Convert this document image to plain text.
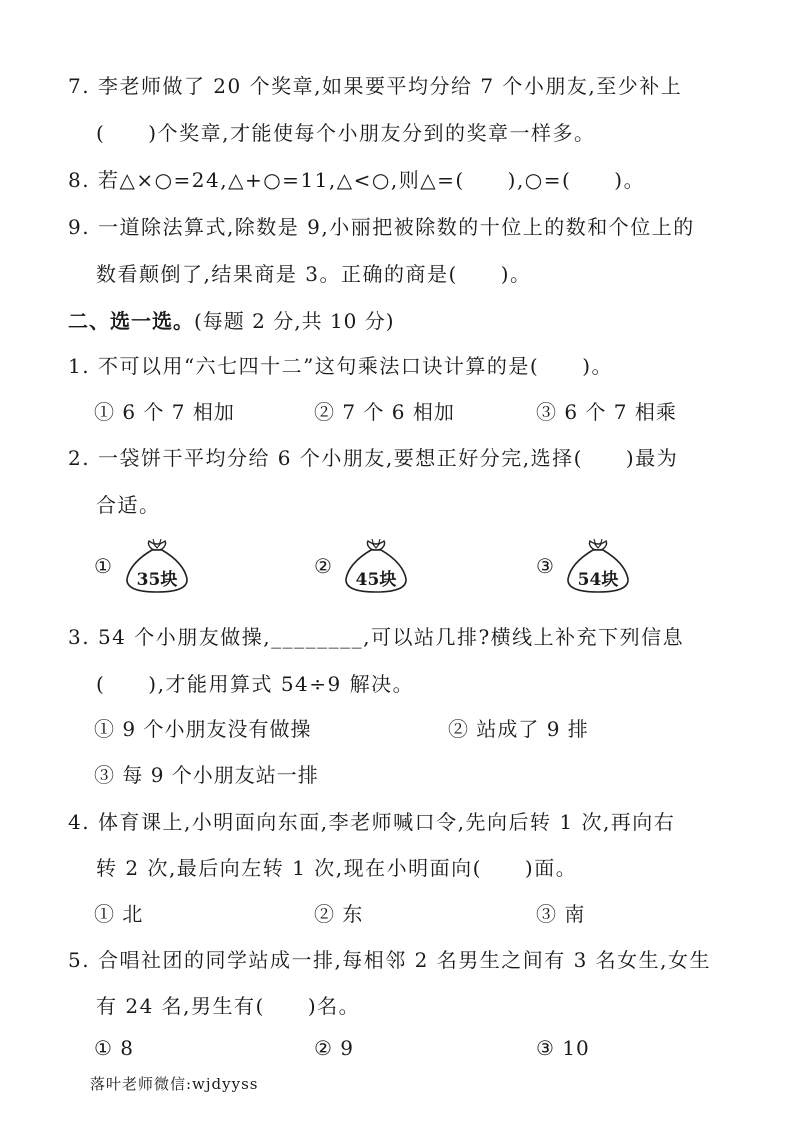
7. 李老师做了 20 个奖章,如果要平均分给 7 个小朋友,至少补上
(　　)个奖章,才能使每个小朋友分到的奖章一样多。
8. 若△×○=24,△+○=11,△<○,则△=(　　),○=(　　)。
9. 一道除法算式,除数是 9,小丽把被除数的十位上的数和个位上的
数看颠倒了,结果商是 3。正确的商是(　　)。
二、选一选。(每题 2 分,共 10 分)
1. 不可以用“六七四十二”这句乘法口诀计算的是(　　)。
① 6 个 7 相加	② 7 个 6 相加	③ 6 个 7 相乘
2. 一袋饼干平均分给 6 个小朋友,要想正好分完,选择(　　)最为
合适。
①
35块
②
45块
③
54块
3. 54 个小朋友做操,________,可以站几排?横线上补充下列信息
(　　),才能用算式 54÷9 解决。
① 9 个小朋友没有做操	② 站成了 9 排
③ 每 9 个小朋友站一排
4. 体育课上,小明面向东面,李老师喊口令,先向后转 1 次,再向右
转 2 次,最后向左转 1 次,现在小明面向(　　)面。
① 北	② 东	③ 南
5. 合唱社团的同学站成一排,每相邻 2 名男生之间有 3 名女生,女生
有 24 名,男生有(　　)名。
① 8	② 9	③ 10
落叶老师微信:wjdyyss
